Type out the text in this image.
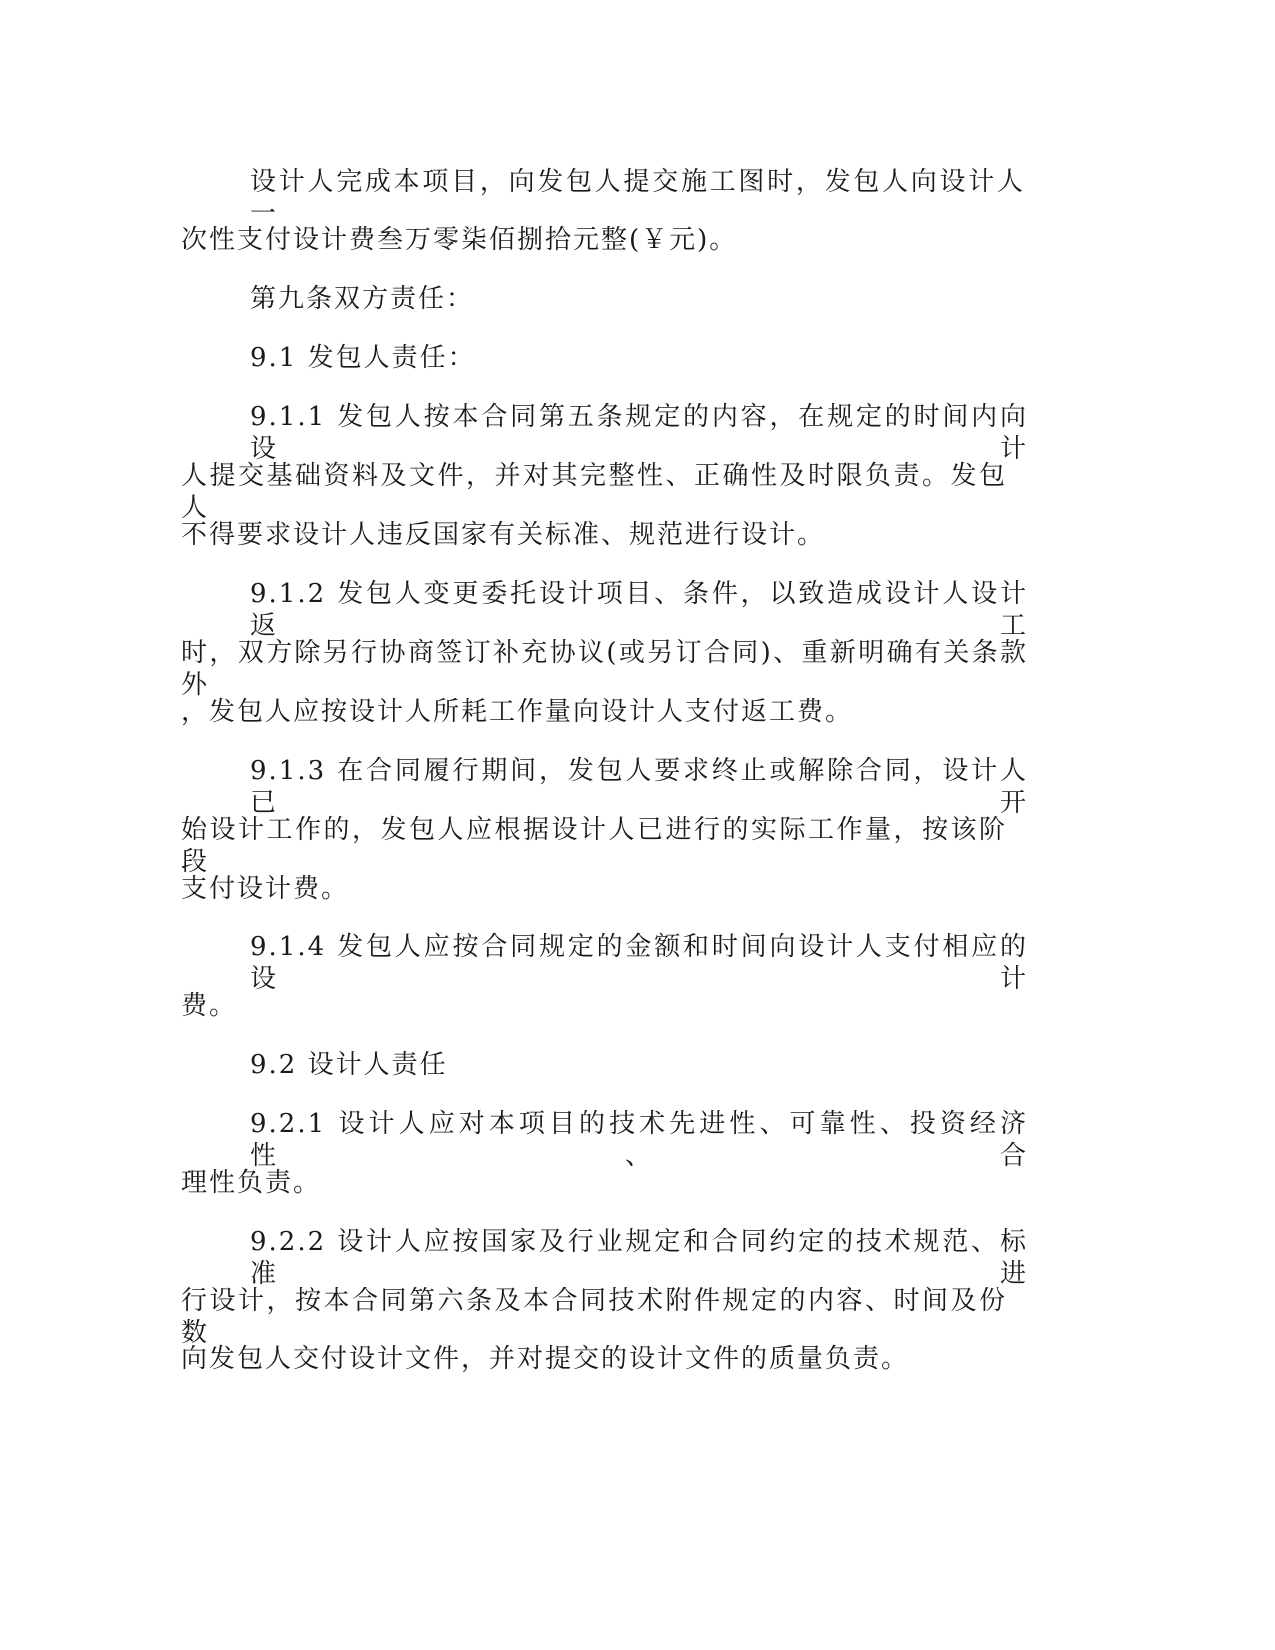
设计人完成本项目，向发包人提交施工图时，发包人向设计人一
次性支付设计费叁万零柒佰捌拾元整(￥元)。
第九条双方责任：
9.1 发包人责任：
9.1.1 发包人按本合同第五条规定的内容，在规定的时间内向设计
人提交基础资料及文件，并对其完整性、正确性及时限负责。发包人
不得要求设计人违反国家有关标准、规范进行设计。
9.1.2 发包人变更委托设计项目、条件，以致造成设计人设计返工
时，双方除另行协商签订补充协议(或另订合同)、重新明确有关条款外
，发包人应按设计人所耗工作量向设计人支付返工费。
9.1.3 在合同履行期间，发包人要求终止或解除合同，设计人已开
始设计工作的，发包人应根据设计人已进行的实际工作量，按该阶段
支付设计费。
9.1.4 发包人应按合同规定的金额和时间向设计人支付相应的设计
费。
9.2 设计人责任
9.2.1 设计人应对本项目的技术先进性、可靠性、投资经济性、合
理性负责。
9.2.2 设计人应按国家及行业规定和合同约定的技术规范、标准进
行设计，按本合同第六条及本合同技术附件规定的内容、时间及份数
向发包人交付设计文件，并对提交的设计文件的质量负责。
